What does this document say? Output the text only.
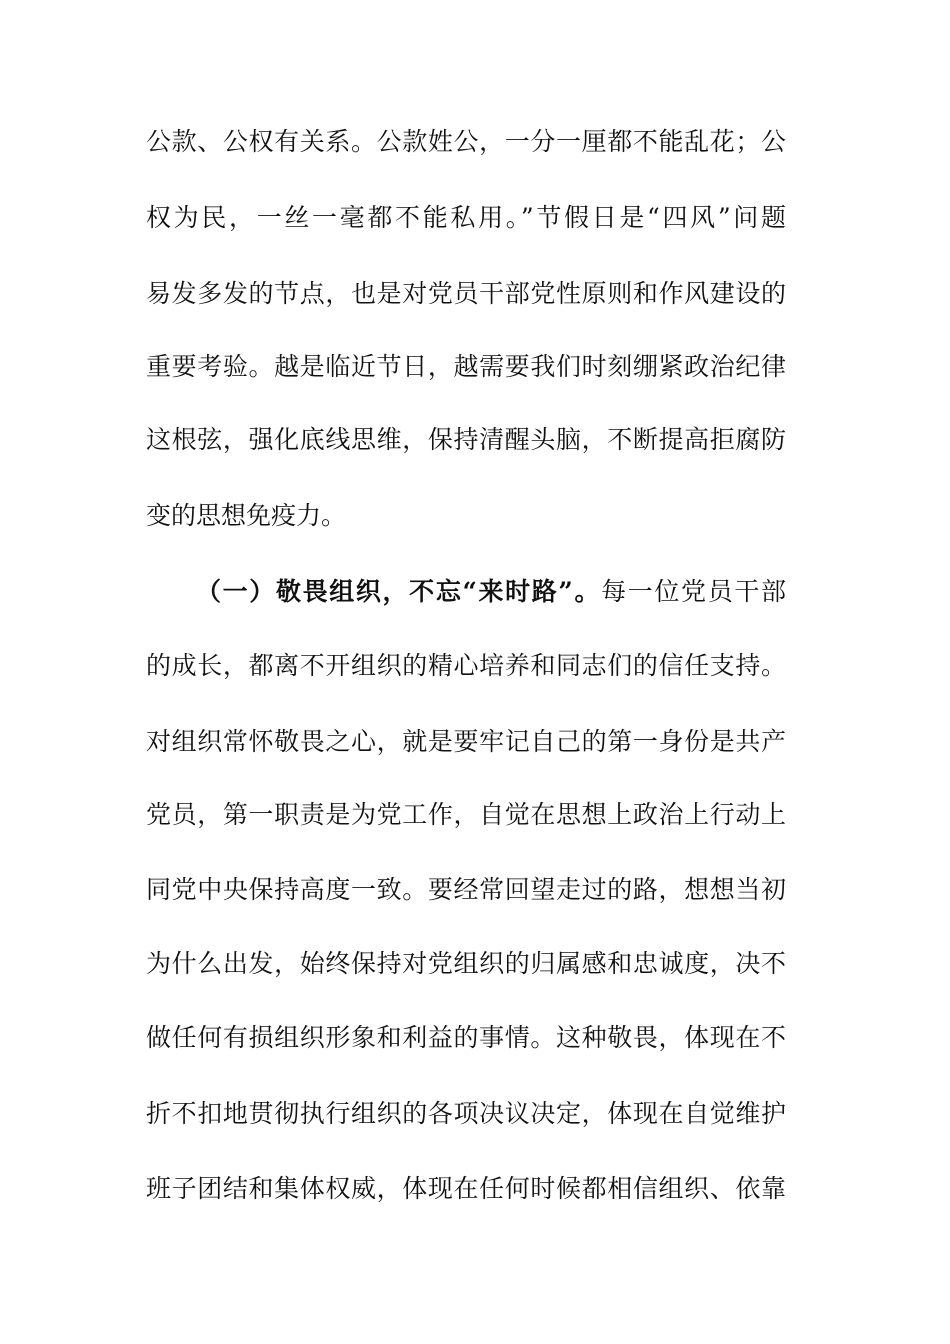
公款、公权有关系。公款姓公，一分一厘都不能乱花；公
权为民，一丝一毫都不能私用。”节假日是“四风”问题
易发多发的节点，也是对党员干部党性原则和作风建设的
重要考验。越是临近节日，越需要我们时刻绷紧政治纪律
这根弦，强化底线思维，保持清醒头脑，不断提高拒腐防
变的思想免疫力。
（一）敬畏组织，不忘“来时路”。每一位党员干部
的成长，都离不开组织的精心培养和同志们的信任支持。
对组织常怀敬畏之心，就是要牢记自己的第一身份是共产
党员，第一职责是为党工作，自觉在思想上政治上行动上
同党中央保持高度一致。要经常回望走过的路，想想当初
为什么出发，始终保持对党组织的归属感和忠诚度，决不
做任何有损组织形象和利益的事情。这种敬畏，体现在不
折不扣地贯彻执行组织的各项决议决定，体现在自觉维护
班子团结和集体权威，体现在任何时候都相信组织、依靠
